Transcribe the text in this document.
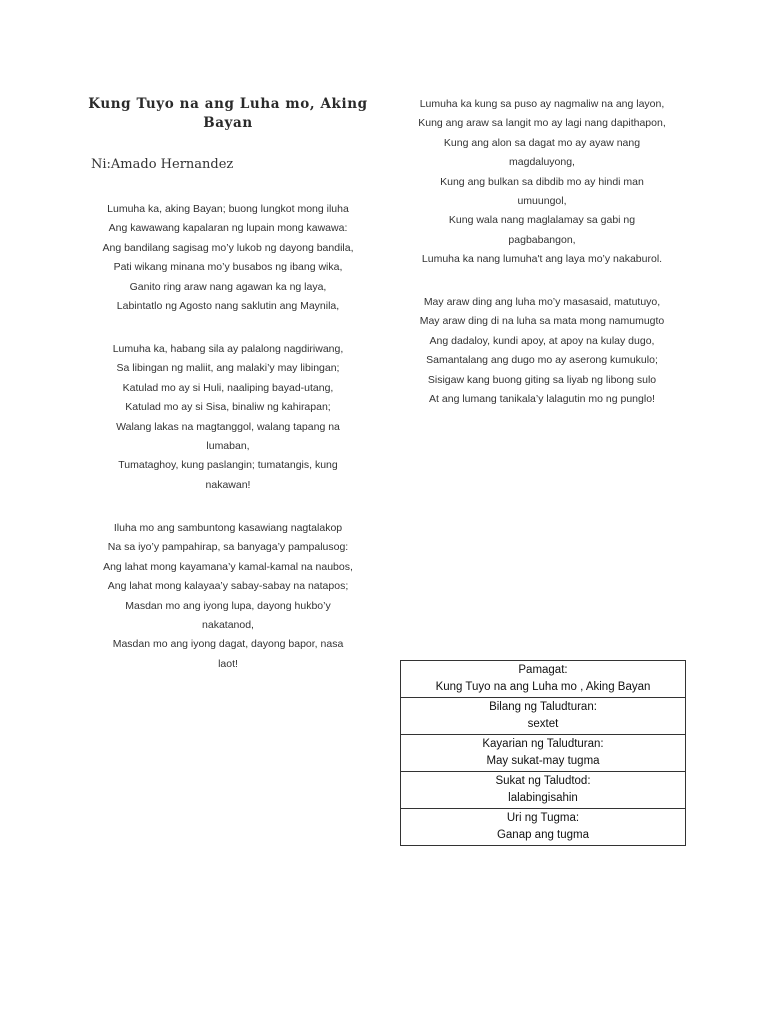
Kung Tuyo na ang Luha mo, Aking Bayan
Ni:Amado Hernandez
Lumuha ka, aking Bayan; buong lungkot mong iluha
Ang kawawang kapalaran ng lupain mong kawawa:
Ang bandilang sagisag mo’y lukob ng dayong bandila,
Pati wikang minana mo’y busabos ng ibang wika,
Ganito ring araw nang agawan ka ng laya,
Labintatlo ng Agosto nang saklutin ang Maynila,
Lumuha ka, habang sila ay palalong nagdiriwang,
Sa libingan ng maliit, ang malaki’y may libingan;
Katulad mo ay si Huli, naaliping bayad-utang,
Katulad mo ay si Sisa, binaliw ng kahirapan;
Walang lakas na magtanggol, walang tapang na
lumaban,
Tumataghoy, kung paslangin; tumatangis, kung
nakawan!
Iluha mo ang sambuntong kasawiang nagtalakop
Na sa iyo’y pampahirap, sa banyaga’y pampalusog:
Ang lahat mong kayamana’y kamal-kamal na naubos,
Ang lahat mong kalayaa’y sabay-sabay na natapos;
Masdan mo ang iyong lupa, dayong hukbo’y
nakatanod,
Masdan mo ang iyong dagat, dayong bapor, nasa
laot!
Lumuha ka kung sa puso ay nagmaliw na ang layon,
Kung ang araw sa langit mo ay lagi nang dapithapon,
Kung ang alon sa dagat mo ay ayaw nang
magdaluyong,
Kung ang bulkan sa dibdib mo ay hindi man
umuungol,
Kung wala nang maglalamay sa gabi ng
pagbabangon,
Lumuha ka nang lumuha't ang laya mo’y nakaburol.
May araw ding ang luha mo’y masasaid, matutuyo,
May araw ding di na luha sa mata mong namumugto
Ang dadaloy, kundi apoy, at apoy na kulay dugo,
Samantalang ang dugo mo ay aserong kumukulo;
Sisigaw kang buong giting sa liyab ng libong sulo
At ang lumang tanikala’y lalagutin mo ng punglo!
Pamagat:
Kung Tuyo na ang Luha mo , Aking Bayan

Bilang ng Taludturan:
sextet

Kayarian ng Taludturan:
May sukat-may tugma

Sukat ng Taludtod:
lalabingisahin

Uri ng Tugma:
Ganap ang tugma
